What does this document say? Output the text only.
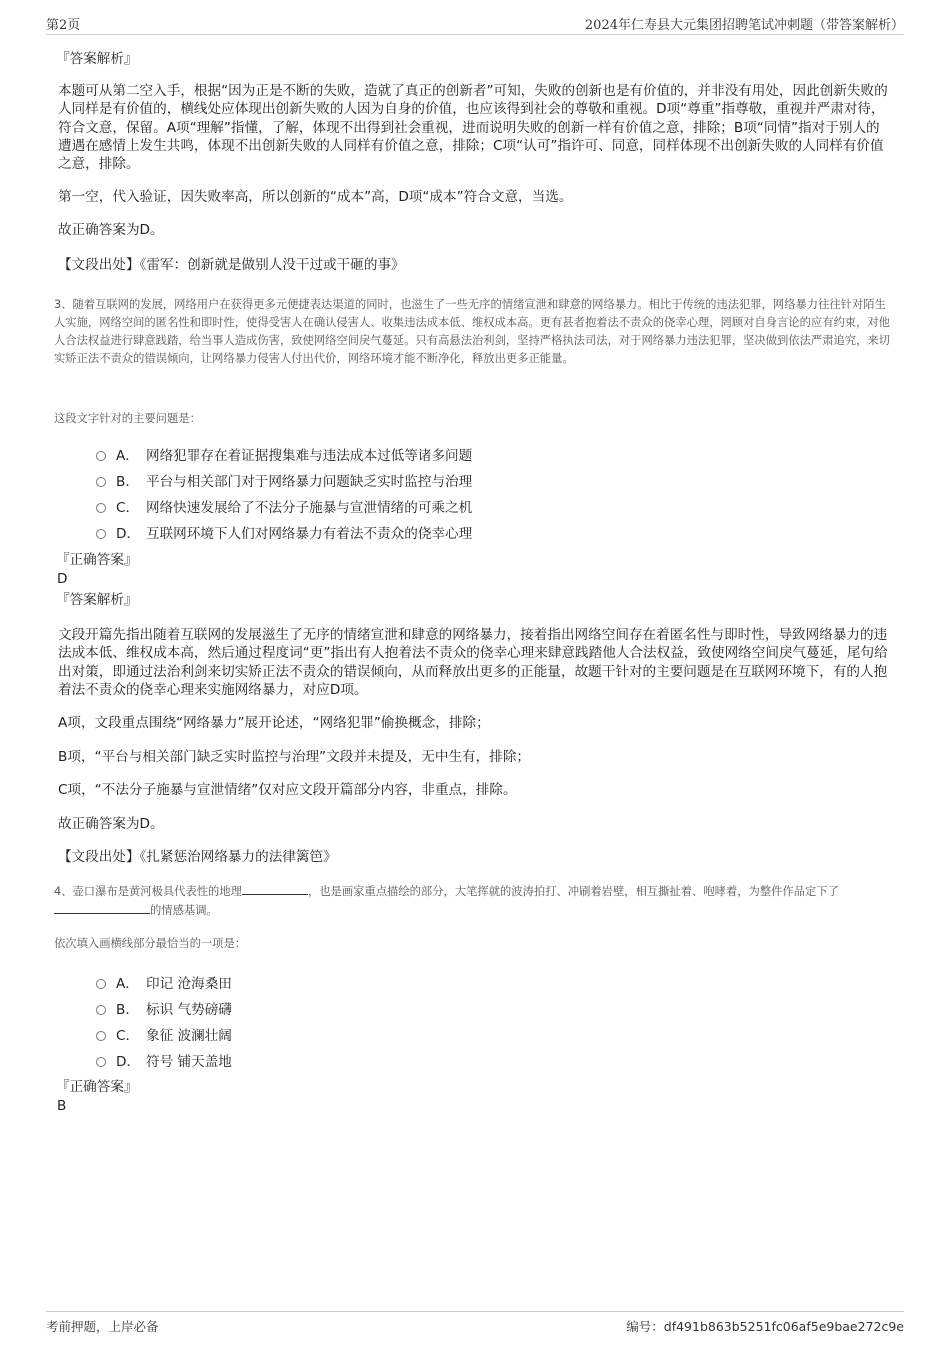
第2页	2024年仁寿县大元集团招聘笔试冲刺题（带答案解析）
『答案解析』
本题可从第二空入手，根据“因为正是不断的失败，造就了真正的创新者”可知，失败的创新也是有价值的，并非没有用处，因此创新失败的人同样是有价值的，横线处应体现出创新失败的人因为自身的价值，也应该得到社会的尊敬和重视。D项“尊重”指尊敬，重视并严肃对待，符合文意，保留。A项“理解”指懂，了解，体现不出得到社会重视，进而说明失败的创新一样有价值之意，排除；B项“同情”指对于别人的遭遇在感情上发生共鸣，体现不出创新失败的人同样有价值之意，排除；C项“认可”指许可、同意，同样体现不出创新失败的人同样有价值之意，排除。
第一空，代入验证，因失败率高，所以创新的“成本”高，D项“成本”符合文意，当选。
故正确答案为D。
【文段出处】《雷军：创新就是做别人没干过或干砸的事》
3、随着互联网的发展，网络用户在获得更多元便捷表达渠道的同时，也滋生了一些无序的情绪宣泄和肆意的网络暴力。相比于传统的违法犯罪，网络暴力往往针对陌生人实施，网络空间的匿名性和即时性，使得受害人在确认侵害人、收集违法成本低、维权成本高。更有甚者抱着法不责众的侥幸心理，罔顾对自身言论的应有约束，对他人合法权益进行肆意践踏，给当事人造成伤害，致使网络空间戾气蔓延。只有高悬法治利剑，坚持严格执法司法，对于网络暴力违法犯罪，坚决做到依法严肃追究，来切实矫正法不责众的错误倾向，让网络暴力侵害人付出代价，网络环境才能不断净化，释放出更多正能量。
这段文字针对的主要问题是：
A． 网络犯罪存在着证据搜集难与违法成本过低等诸多问题
B． 平台与相关部门对于网络暴力问题缺乏实时监控与治理
C． 网络快速发展给了不法分子施暴与宣泄情绪的可乘之机
D． 互联网环境下人们对网络暴力有着法不责众的侥幸心理
『正确答案』
D
『答案解析』
文段开篇先指出随着互联网的发展滋生了无序的情绪宣泄和肆意的网络暴力，接着指出网络空间存在着匿名性与即时性，导致网络暴力的违法成本低、维权成本高，然后通过程度词“更”指出有人抱着法不责众的侥幸心理来肆意践踏他人合法权益，致使网络空间戾气蔓延，尾句给出对策，即通过法治利剑来切实矫正法不责众的错误倾向，从而释放出更多的正能量，故题干针对的主要问题是在互联网环境下，有的人抱着法不责众的侥幸心理来实施网络暴力，对应D项。
A项，文段重点围绕“网络暴力”展开论述，“网络犯罪”偷换概念，排除；
B项，“平台与相关部门缺乏实时监控与治理”文段并未提及，无中生有，排除；
C项，“不法分子施暴与宣泄情绪”仅对应文段开篇部分内容，非重点，排除。
故正确答案为D。
【文段出处】《扎紧惩治网络暴力的法律篱笆》
4、壶口瀑布是黄河极具代表性的地理	，也是画家重点描绘的部分，大笔挥就的波涛拍打、冲刷着岩壁，相互撕扯着、咆哮着，为整件作品定下了的情感基调。
依次填入画横线部分最恰当的一项是：
A． 印记 沧海桑田
B． 标识 气势磅礴
C． 象征 波澜壮阔
D． 符号 铺天盖地
『正确答案』
B
考前押题，上岸必备	编号：df491b863b5251fc06af5e9bae272c9e
